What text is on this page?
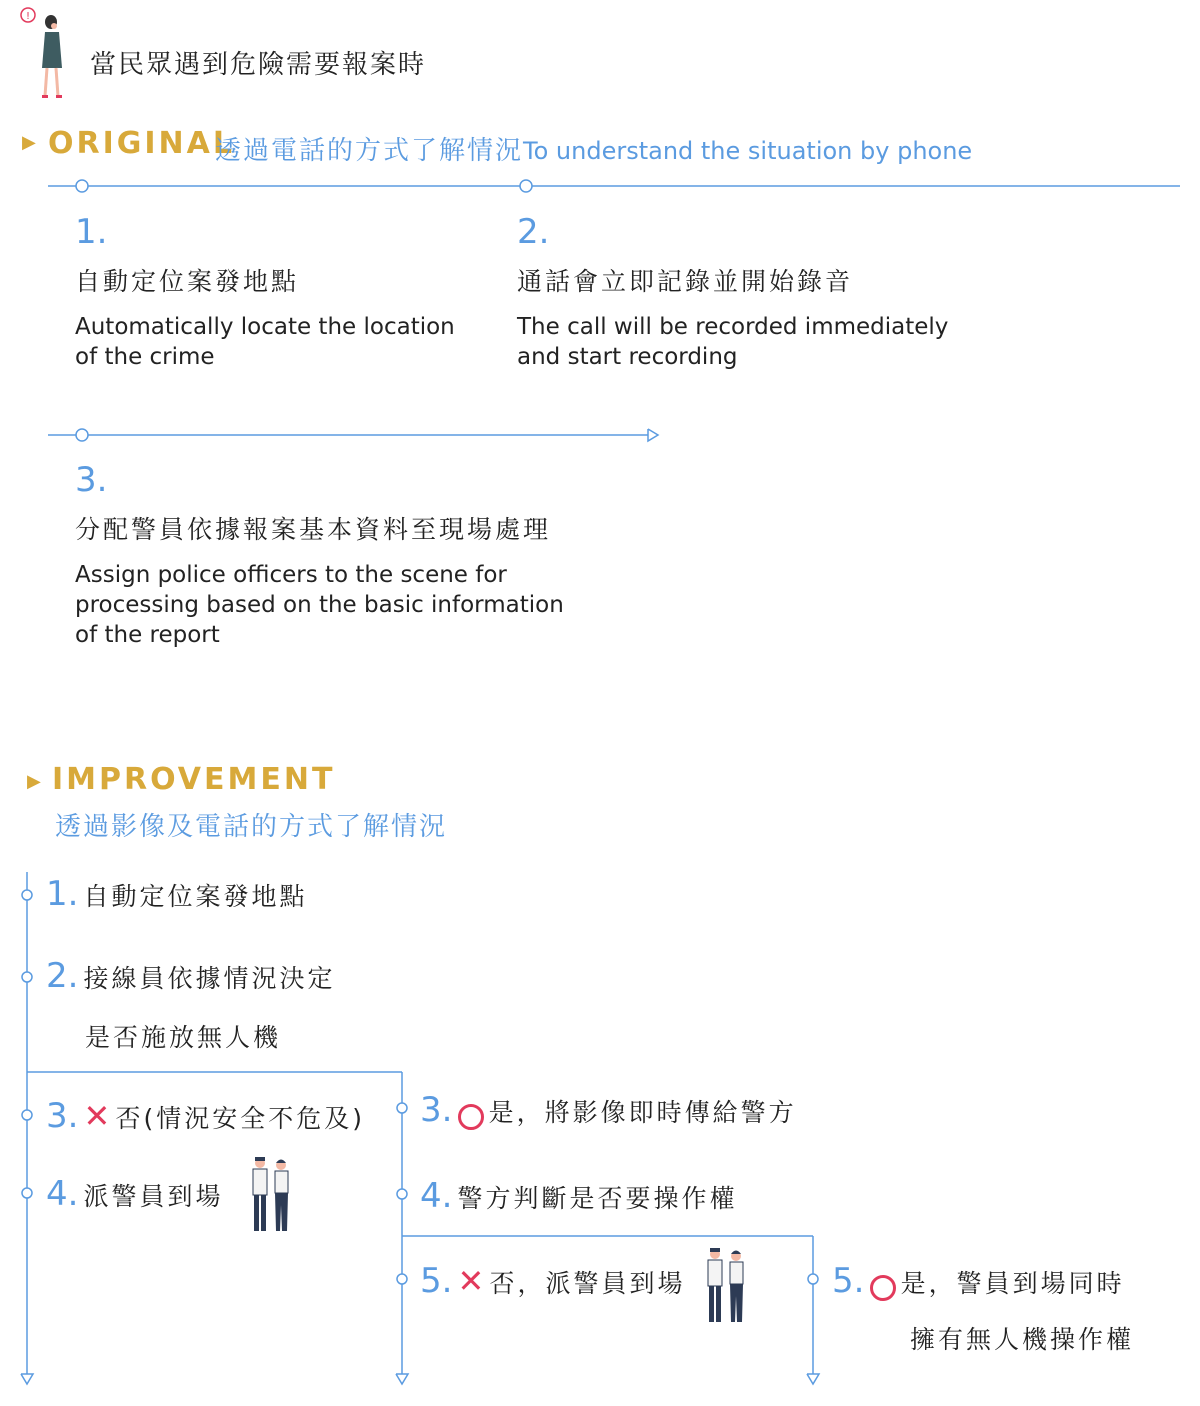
!
當民眾遇到危險需要報案時
▶ ORIGINAL
透過電話的方式了解情況To understand the situation by phone
1.
自動定位案發地點
Automatically locate the location
of the crime
2.
通話會立即記錄並開始錄音
The call will be recorded immediately
and start recording
3.
分配警員依據報案基本資料至現場處理
Assign police officers to the scene for
processing based on the basic information
of the report
▶ IMPROVEMENT
透過影像及電話的方式了解情況
1. 自動定位案發地點
2. 接線員依據情況決定
是否施放無人機
3. ✕ 否(情況安全不危及) 3. 是，將影像即時傳給警方
4. 派警員到場	4. 警方判斷是否要操作權
5. ✕ 否，派警員到場	5. 是，警員到場同時
擁有無人機操作權
